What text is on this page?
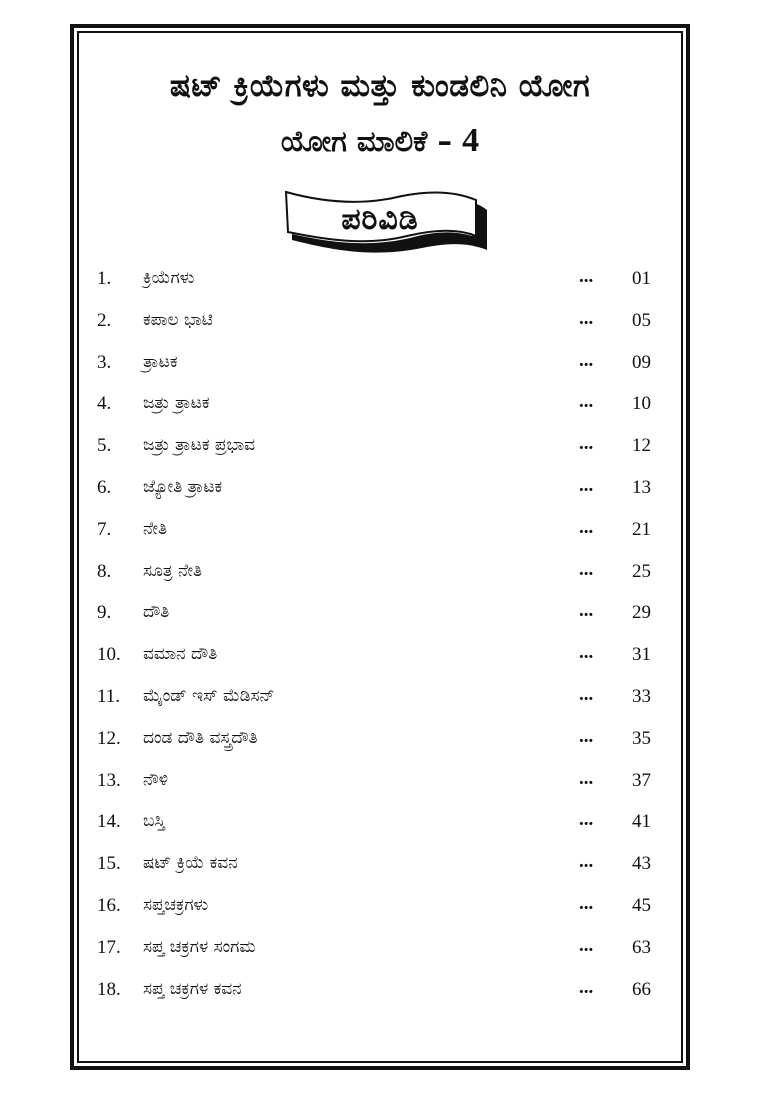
ಷಟ್ ಕ್ರಿಯೆಗಳು ಮತ್ತು ಕುಂಡಲಿನಿ ಯೋಗ
ಯೋಗ ಮಾಲಿಕೆ – 4
ಪರಿವಿಡಿ
1. ಕ್ರಿಯೆಗಳು	... 01
2. ಕಪಾಲ ಭಾಟಿ	... 05
3. ತ್ರಾಟಕ	... 09
4. ಜತ್ರು ತ್ರಾಟಕ	... 10
5. ಜತ್ರು ತ್ರಾಟಕ ಪ್ರಭಾವ	... 12
6. ಜ್ಯೋತಿ ತ್ರಾಟಕ	... 13
7. ನೇತಿ	... 21
8. ಸೂತ್ರ ನೇತಿ	... 25
9. ದೌತಿ	... 29
10. ವಮಾನ ದೌತಿ	... 31
11. ಮೈಂಡ್ ಇಸ್ ಮೆಡಿಸನ್	... 33
12. ದಂಡ ದೌತಿ ವಸ್ತ್ರದೌತಿ	... 35
13. ನೌಳಿ	... 37
14. ಬಸ್ತಿ	... 41
15. ಷಟ್ ಕ್ರಿಯೆ ಕವನ	... 43
16. ಸಪ್ತಚಕ್ರಗಳು	... 45
17. ಸಪ್ತ ಚಕ್ರಗಳ ಸಂಗಮ	... 63
18. ಸಪ್ತ ಚಕ್ರಗಳ ಕವನ	... 66
